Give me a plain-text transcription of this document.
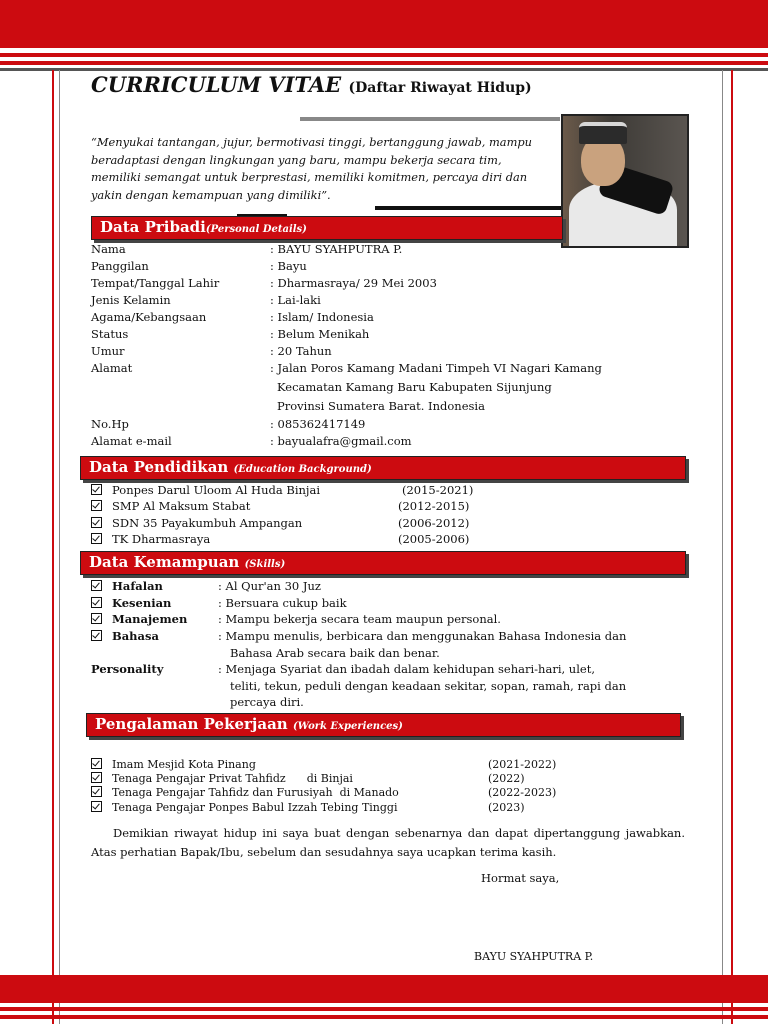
CURRICULUM VITAE (Daftar Riwayat Hidup)
“Menyukai tantangan, jujur, bermotivasi tinggi, bertanggung jawab, mampu beradaptasi dengan lingkungan yang baru, mampu bekerja secara tim, memiliki semangat untuk berprestasi, memiliki komitmen, percaya diri dan yakin dengan kemampuan yang dimiliki”.
Data Pribadi(Personal Details)
Nama	: BAYU SYAHPUTRA P.
Panggilan	: Bayu
Tempat/Tanggal Lahir	: Dharmasraya/ 29 Mei 2003
Jenis Kelamin	: Lai-laki
Agama/Kebangsaan	: Islam/ Indonesia
Status	: Belum Menikah
Umur	: 20 Tahun
Alamat	: Jalan Poros Kamang Madani Timpeh VI Nagari Kamang
Kecamatan Kamang Baru Kabupaten Sijunjung
Provinsi Sumatera Barat. Indonesia
No.Hp	: 085362417149
Alamat e-mail	: bayualafra@gmail.com
Data Pendidikan (Education Background)
Ponpes Darul Uloom Al Huda Binjai	(2015-2021)
SMP Al Maksum Stabat	(2012-2015)
SDN 35 Payakumbuh Ampangan	(2006-2012)
TK Dharmasraya	(2005-2006)
Data Kemampuan (Skills)
Hafalan	: Al Qur'an 30 Juz
Kesenian	: Bersuara cukup baik
Manajemen	: Mampu bekerja secara team maupun personal.
Bahasa	: Mampu menulis, berbicara dan menggunakan Bahasa Indonesia dan
Bahasa Arab secara baik dan benar.
Personality	: Menjaga Syariat dan ibadah dalam kehidupan sehari-hari, ulet,
teliti, tekun, peduli dengan keadaan sekitar, sopan, ramah, rapi dan
percaya diri.
Pengalaman Pekerjaan (Work Experiences)
Imam Mesjid Kota Pinang	(2021-2022)
Tenaga Pengajar Privat Tahfidz      di Binjai	(2022)
Tenaga Pengajar Tahfidz dan Furusiyah  di Manado	(2022-2023)
Tenaga Pengajar Ponpes Babul Izzah Tebing Tinggi	(2023)
Demikian riwayat hidup ini saya buat dengan sebenarnya dan dapat dipertanggung jawabkan. Atas perhatian Bapak/Ibu, sebelum dan sesudahnya saya ucapkan terima kasih.
Hormat saya,
BAYU SYAHPUTRA P.
